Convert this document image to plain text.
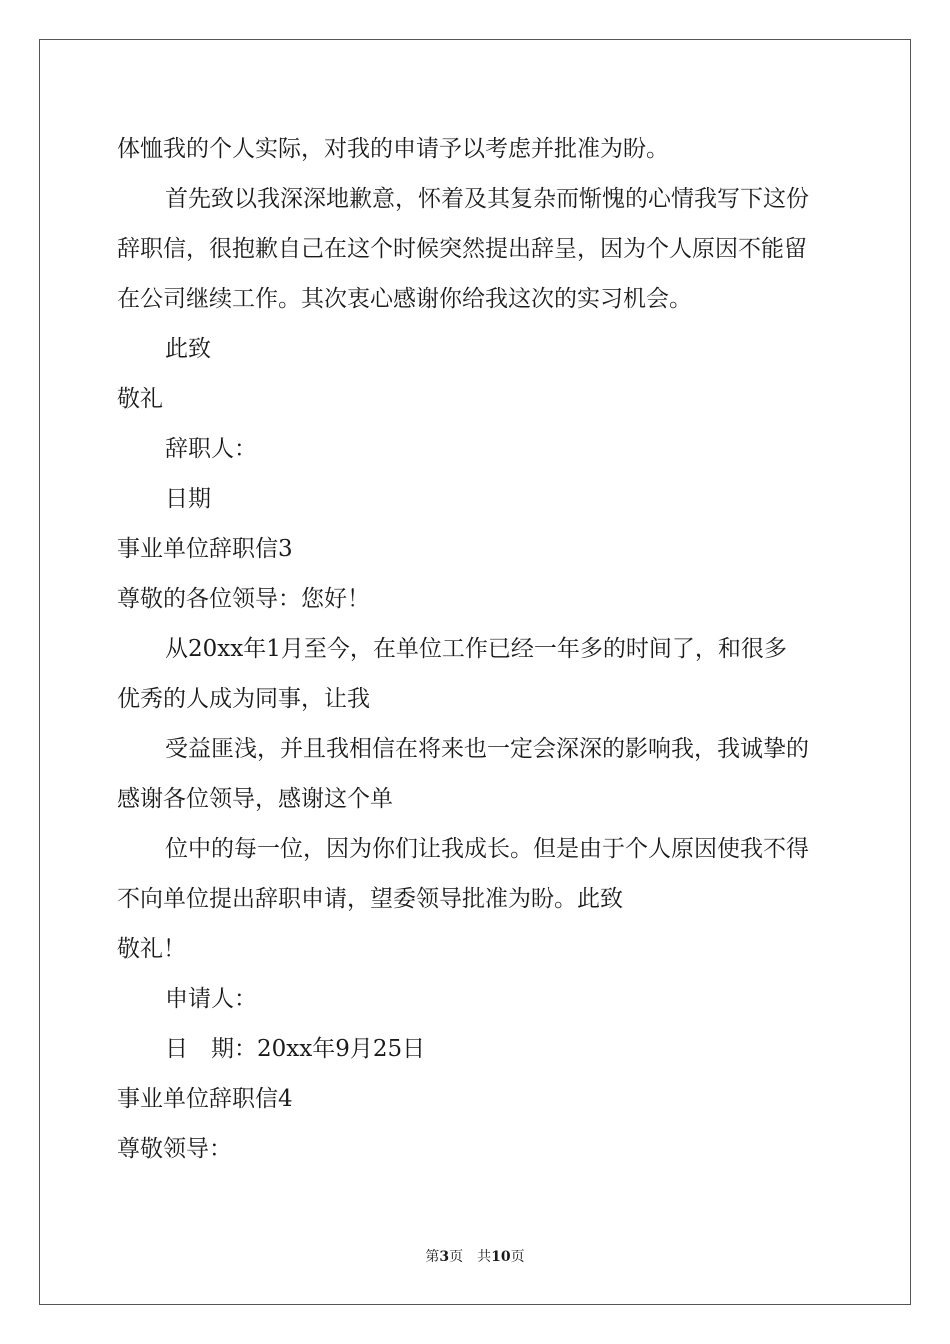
体恤我的个人实际，对我的申请予以考虑并批准为盼。

首先致以我深深地歉意，怀着及其复杂而惭愧的心情我写下这份

辞职信，很抱歉自己在这个时候突然提出辞呈，因为个人原因不能留

在公司继续工作。其次衷心感谢你给我这次的实习机会。

此致

敬礼

辞职人：

日期

事业单位辞职信3

尊敬的各位领导：您好！

从20xx年1月至今，在单位工作已经一年多的时间了，和很多

优秀的人成为同事，让我

受益匪浅，并且我相信在将来也一定会深深的影响我，我诚挚的

感谢各位领导，感谢这个单

位中的每一位，因为你们让我成长。但是由于个人原因使我不得

不向单位提出辞职申请，望委领导批准为盼。此致

敬礼！

申请人：

日　期：20xx年9月25日

事业单位辞职信4

尊敬领导：

第3页　共10页
